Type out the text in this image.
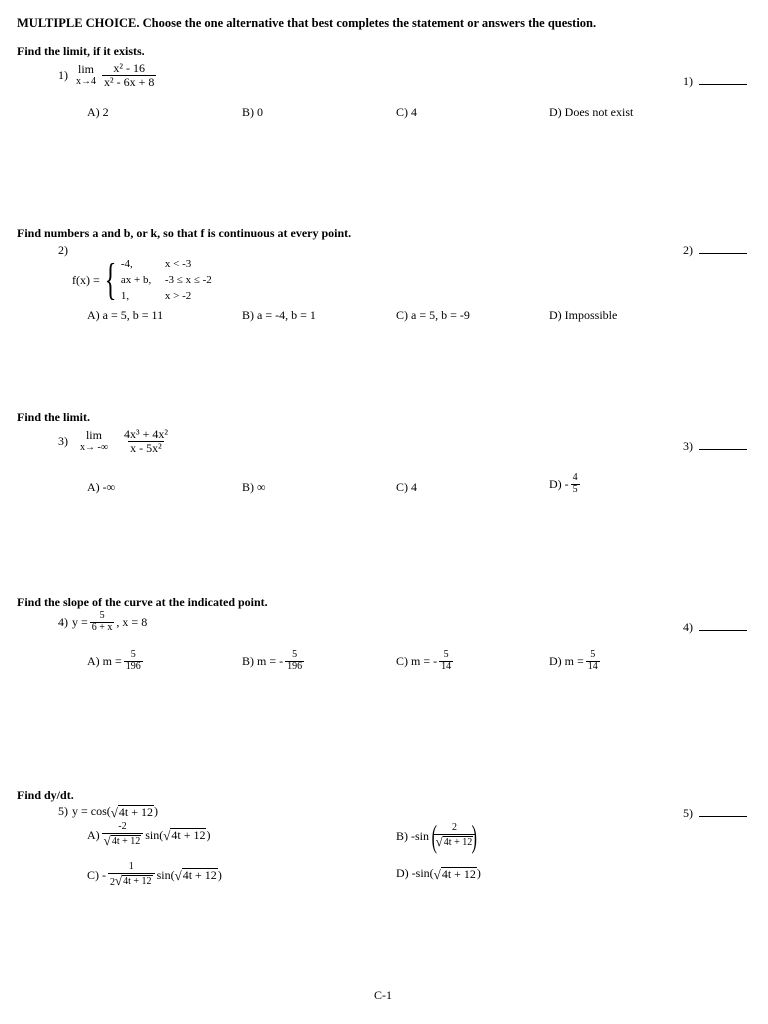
MULTIPLE CHOICE. Choose the one alternative that best completes the statement or answers the question.
Find the limit, if it exists.
1) lim
$x\to 4 \frac{\text{x² - 16}}{\text{x² - 6x + 8}}$
A) 2	B) 0	C) 4	D) Does not exist
Find numbers a and b, or k, so that f is continuous at every point.
2)
f(x) = { -4,	x < -3
ax + b,	-3 ≤ x ≤ -2
1,	x > -2
A) a = 5, b = 11	B) a = -4, b = 1	C) a = 5, b = -9	D) Impossible
Find the limit.
3) lim
x→ -∞ $\frac{\text{4x³ + 4x²}}{\text{x - 5x²}}$
A) -∞	B) ∞	C) 4	$D) - \frac{4}{5}$
Find the slope of the curve at the indicated point.
4) $y = \frac{5}{6 + x}$ , x = 8
A) $m = \frac{5}{196}$	B) m = - $\frac{5}{196}$	C) m = - $\frac{5}{14}$	D) $m = \frac{5}{14}$
Find dy/dt.
5) y = cos( √ 4t + 12 )
$A) \frac{-2}{√ 4t + 12} \sin$( √ 4t + 12 )	B) -sin (
$\frac{2}{√ 4t + 12}$
)
$C) - \frac{1}{2 √ 4t + 12} \sin$( √ 4t + 12 )	D) -sin( √ 4t + 12 )
1)
2)
3)
4)
5)
C-1
